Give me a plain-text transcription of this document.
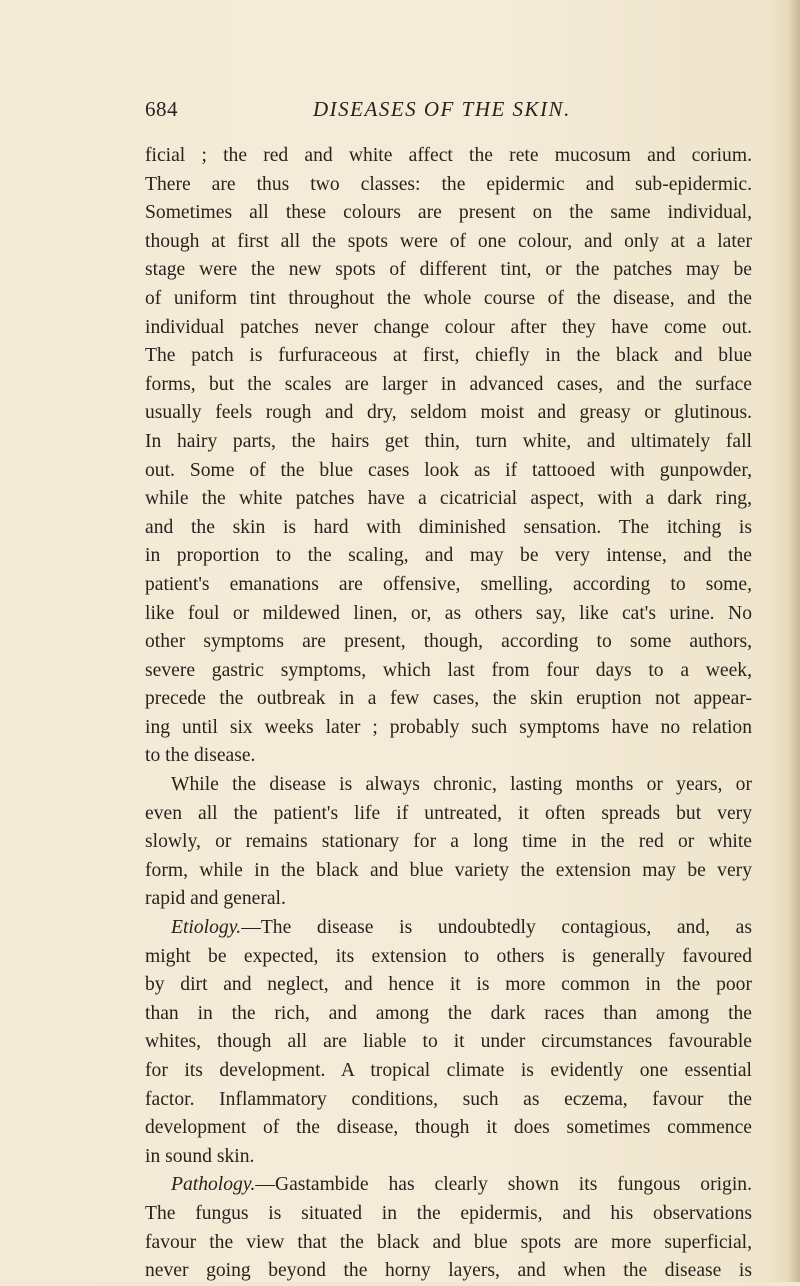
684	DISEASES OF THE SKIN.
ficial ; the red and white affect the rete mucosum and corium.
There are thus two classes: the epidermic and sub-epidermic.
Sometimes all these colours are present on the same individual,
though at first all the spots were of one colour, and only at a later
stage were the new spots of different tint, or the patches may be
of uniform tint throughout the whole course of the disease, and the
individual patches never change colour after they have come out.
The patch is furfuraceous at first, chiefly in the black and blue
forms, but the scales are larger in advanced cases, and the surface
usually feels rough and dry, seldom moist and greasy or glutinous.
In hairy parts, the hairs get thin, turn white, and ultimately fall
out. Some of the blue cases look as if tattooed with gunpowder,
while the white patches have a cicatricial aspect, with a dark ring,
and the skin is hard with diminished sensation. The itching is
in proportion to the scaling, and may be very intense, and the
patient's emanations are offensive, smelling, according to some,
like foul or mildewed linen, or, as others say, like cat's urine. No
other symptoms are present, though, according to some authors,
severe gastric symptoms, which last from four days to a week,
precede the outbreak in a few cases, the skin eruption not appear-
ing until six weeks later ; probably such symptoms have no relation
to the disease.
While the disease is always chronic, lasting months or years, or
even all the patient's life if untreated, it often spreads but very
slowly, or remains stationary for a long time in the red or white
form, while in the black and blue variety the extension may be very
rapid and general.
Etiology.—The disease is undoubtedly contagious, and, as
might be expected, its extension to others is generally favoured
by dirt and neglect, and hence it is more common in the poor
than in the rich, and among the dark races than among the
whites, though all are liable to it under circumstances favourable
for its development. A tropical climate is evidently one essential
factor. Inflammatory conditions, such as eczema, favour the
development of the disease, though it does sometimes commence
in sound skin.
Pathology.—Gastambide has clearly shown its fungous origin.
The fungus is situated in the epidermis, and his observations
favour the view that the black and blue spots are more superficial,
never going beyond the horny layers, and when the disease is
